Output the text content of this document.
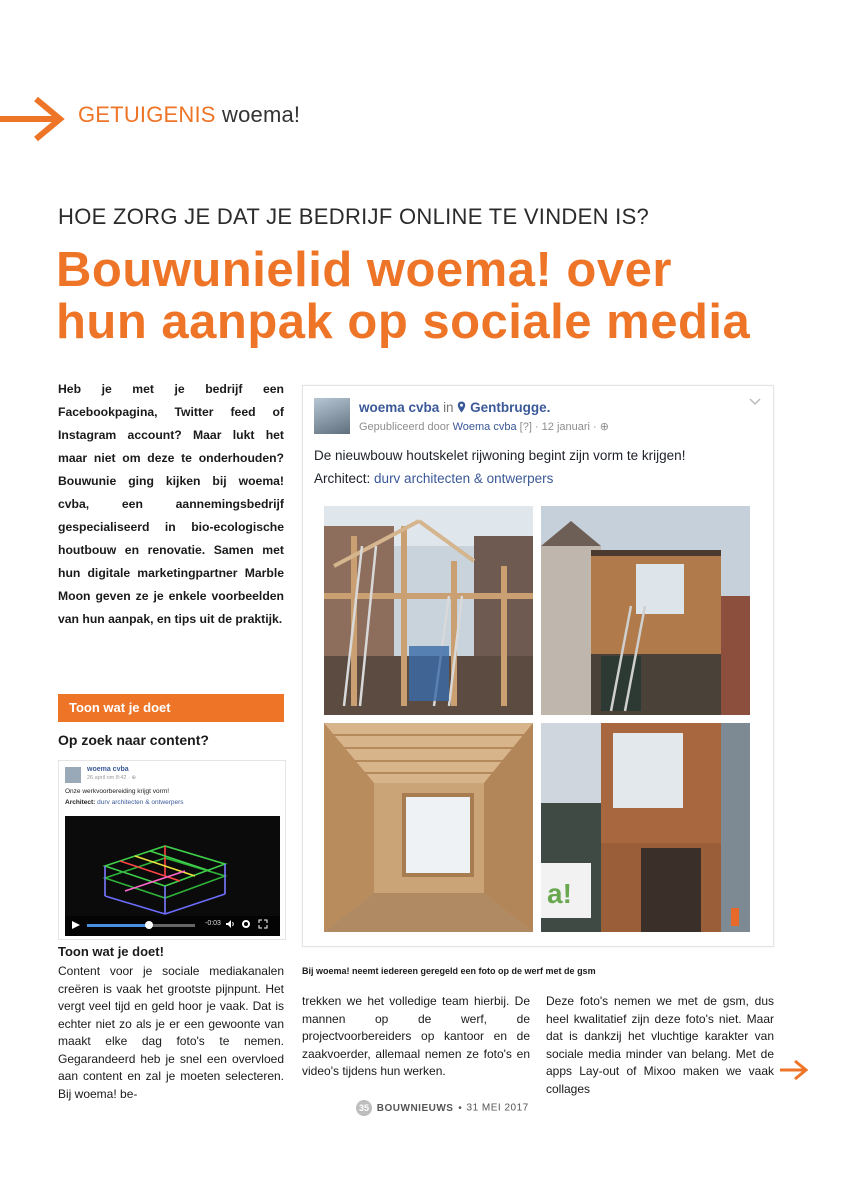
GETUIGENIS woema!
HOE ZORG JE DAT JE BEDRIJF ONLINE TE VINDEN IS?
Bouwunielid woema! over
hun aanpak op sociale media
Heb je met je bedrijf een Facebookpagina, Twitter feed of Instagram account? Maar lukt het maar niet om deze te onderhouden? Bouwunie ging kijken bij woema! cvba, een aannemingsbedrijf gespecialiseerd in bio-ecologische houtbouw en renovatie. Samen met hun digitale marketingpartner Marble Moon geven ze je enkele voorbeelden van hun aanpak, en tips uit de praktijk.
Toon wat je doet
Op zoek naar content?
woema cvba
26 april om 8:42 · ⊕
Onze werkvoorbereiding krijgt vorm!
Architect: durv architecten & ontwerpers
-0:03
Toon wat je doet!
Content voor je sociale mediakanalen creëren is vaak het grootste pijnpunt. Het vergt veel tijd en geld hoor je vaak. Dat is echter niet zo als je er een gewoonte van maakt elke dag foto's te nemen. Gegarandeerd heb je snel een overvloed aan content en zal je moeten selecteren. Bij woema! be-
trekken we het volledige team hierbij. De mannen op de werf, de projectvoorbereiders op kantoor en de zaakvoerder, allemaal nemen ze foto's en video's tijdens hun werken.
Deze foto's nemen we met de gsm, dus heel kwalitatief zijn deze foto's niet. Maar dat is dankzij het vluchtige karakter van sociale media minder van belang. Met de apps Lay-out of Mixoo maken we vaak collages
woema cvba in Gentbrugge.
Gepubliceerd door Woema cvba [?] · 12 januari · ⊕
De nieuwbouw houtskelet rijwoning begint zijn vorm te krijgen!
Architect: durv architecten & ontwerpers
a!
Bij woema! neemt iedereen geregeld een foto op de werf met de gsm
35 BOUWNIEUWS • 31 MEI 2017
